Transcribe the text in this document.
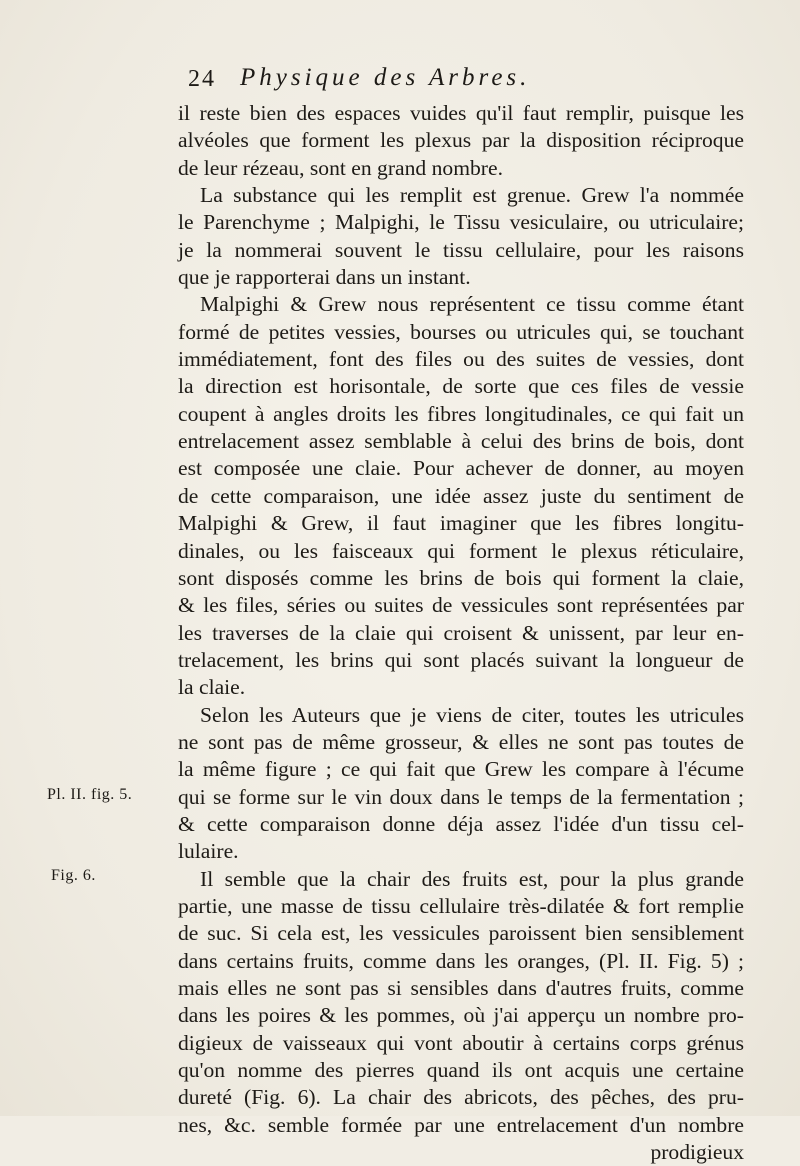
24 Physique des Arbres.
Pl. II. fig. 5.
Fig. 6.
il reste bien des espaces vuides qu'il faut remplir, puisque les
alvéoles que forment les plexus par la disposition réciproque
de leur rézeau, sont en grand nombre.
La substance qui les remplit est grenue. Grew l'a nommée
le Parenchyme ; Malpighi, le Tissu vesiculaire, ou utriculaire;
je la nommerai souvent le tissu cellulaire, pour les raisons
que je rapporterai dans un instant.
Malpighi & Grew nous représentent ce tissu comme étant
formé de petites vessies, bourses ou utricules qui, se touchant
immédiatement, font des files ou des suites de vessies, dont
la direction est horisontale, de sorte que ces files de vessie
coupent à angles droits les fibres longitudinales, ce qui fait un
entrelacement assez semblable à celui des brins de bois, dont
est composée une claie. Pour achever de donner, au moyen
de cette comparaison, une idée assez juste du sentiment de
Malpighi & Grew, il faut imaginer que les fibres longitu-
dinales, ou les faisceaux qui forment le plexus réticulaire,
sont disposés comme les brins de bois qui forment la claie,
& les files, séries ou suites de vessicules sont représentées par
les traverses de la claie qui croisent & unissent, par leur en-
trelacement, les brins qui sont placés suivant la longueur de
la claie.
Selon les Auteurs que je viens de citer, toutes les utricules
ne sont pas de même grosseur, & elles ne sont pas toutes de
la même figure ; ce qui fait que Grew les compare à l'écume
qui se forme sur le vin doux dans le temps de la fermentation ;
& cette comparaison donne déja assez l'idée d'un tissu cel-
lulaire.
Il semble que la chair des fruits est, pour la plus grande
partie, une masse de tissu cellulaire très-dilatée & fort remplie
de suc. Si cela est, les vessicules paroissent bien sensiblement
dans certains fruits, comme dans les oranges, (Pl. II. Fig. 5) ;
mais elles ne sont pas si sensibles dans d'autres fruits, comme
dans les poires & les pommes, où j'ai apperçu un nombre pro-
digieux de vaisseaux qui vont aboutir à certains corps grénus
qu'on nomme des pierres quand ils ont acquis une certaine
dureté (Fig. 6). La chair des abricots, des pêches, des pru-
nes, &c. semble formée par une entrelacement d'un nombre
prodigieux
